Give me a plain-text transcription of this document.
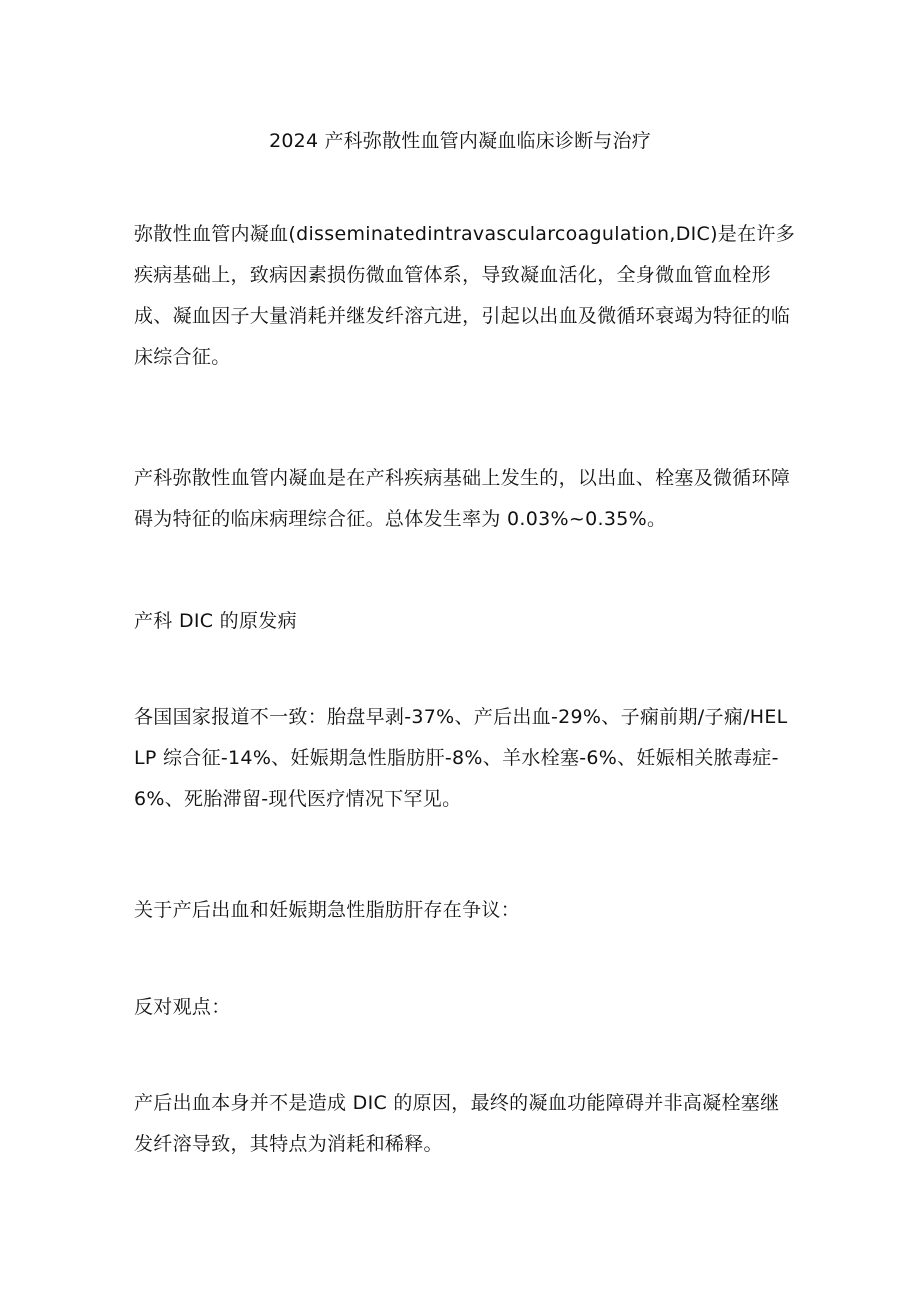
2024 产科弥散性血管内凝血临床诊断与治疗

弥散性血管内凝血(disseminatedintravascularcoagulation,DIC)是在许多疾病基础上，致病因素损伤微血管体系，导致凝血活化，全身微血管血栓形成、凝血因子大量消耗并继发纤溶亢进，引起以出血及微循环衰竭为特征的临床综合征。

产科弥散性血管内凝血是在产科疾病基础上发生的，以出血、栓塞及微循环障碍为特征的临床病理综合征。总体发生率为 0.03%~0.35%。

产科 DIC 的原发病

各国国家报道不一致：胎盘早剥-37%、产后出血-29%、子痫前期/子痫/HELLP 综合征-14%、妊娠期急性脂肪肝-8%、羊水栓塞-6%、妊娠相关脓毒症-6%、死胎滞留-现代医疗情况下罕见。

关于产后出血和妊娠期急性脂肪肝存在争议：

反对观点：

产后出血本身并不是造成 DIC 的原因，最终的凝血功能障碍并非高凝栓塞继发纤溶导致，其特点为消耗和稀释。
